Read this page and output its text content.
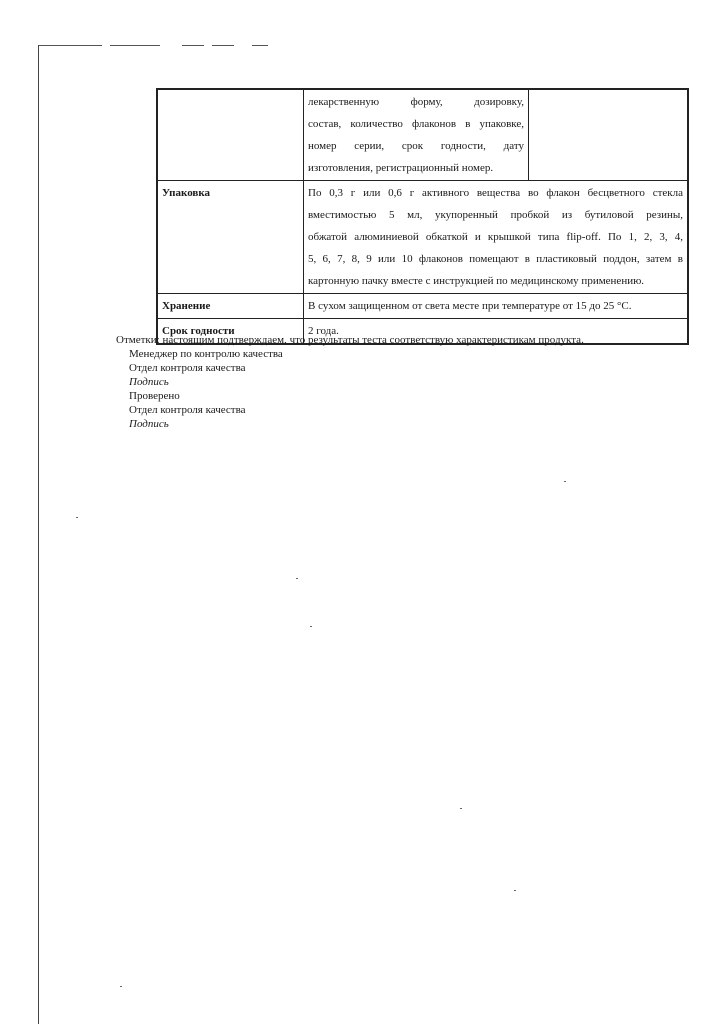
	лекарственную форму, дозировку,
состав, количество флаконов в упаковке,
номер серии, срок годности, дату
изготовления, регистрационный номер.	

Упаковка	По 0,3 г или 0,6 г активного вещества во флакон бесцветного стекла
вместимостью 5 мл, укупоренный пробкой из бутиловой резины,
обжатой алюминиевой обкаткой и крышкой типа flip-off. По 1, 2, 3, 4,
5, 6, 7, 8, 9 или 10 флаконов помещают в пластиковый поддон, затем в
картонную пачку вместе с инструкцией по медицинскому применению.	

Хранение	В сухом защищенном от света месте при температуре от 15 до 25 °C.	

Срок годности	2 года.	
Отметки: настоящим подтверждаем, что результаты теста соответствую характеристикам продукта.
Менеджер по контролю качества
Отдел контроля качества
Подпись
Проверено
Отдел контроля качества
Подпись
